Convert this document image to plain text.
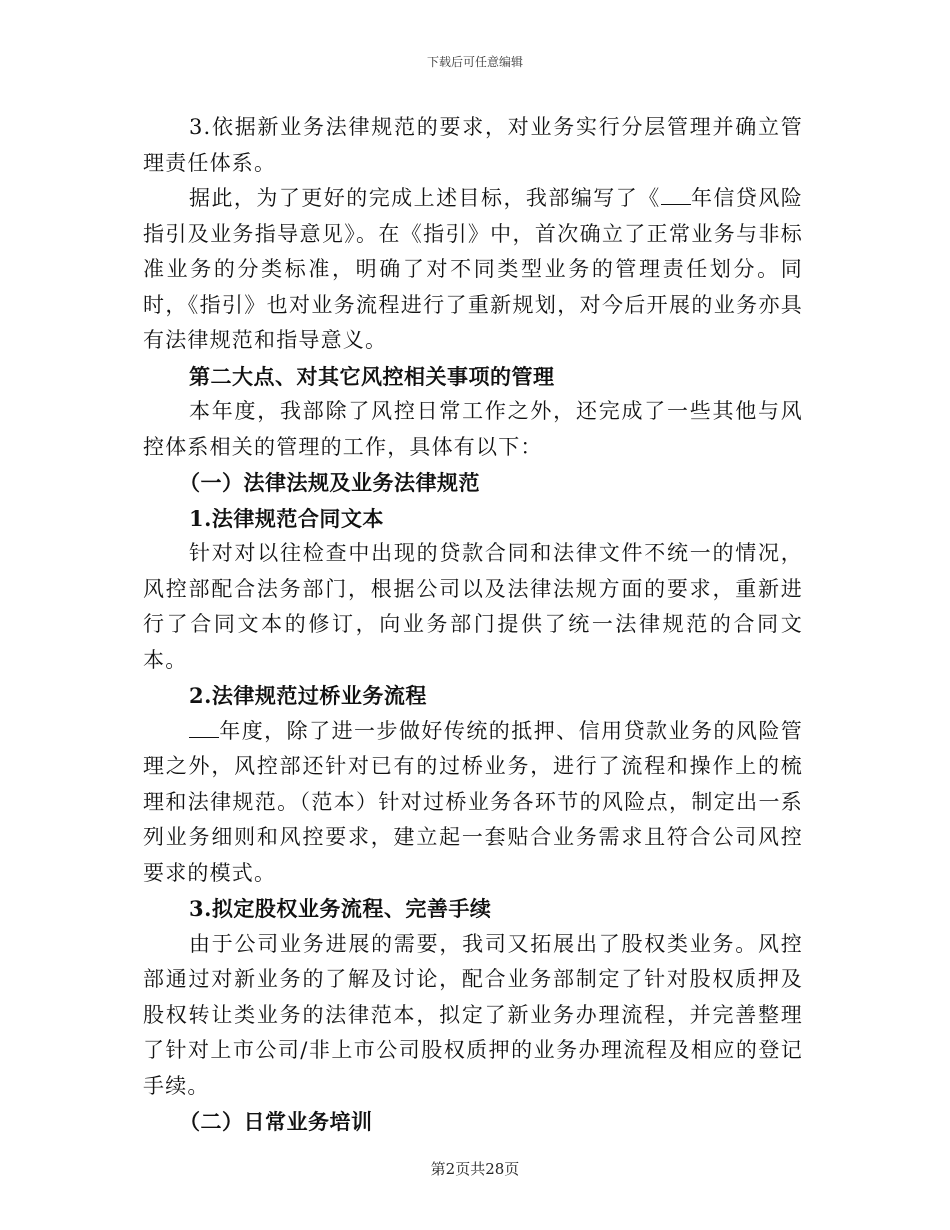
下载后可任意编辑

3.依据新业务法律规范的要求，对业务实行分层管理并确立管理责任体系。

据此，为了更好的完成上述目标，我部编写了《 年信贷风险指引及业务指导意见》。在《指引》中，首次确立了正常业务与非标准业务的分类标准，明确了对不同类型业务的管理责任划分。同时，《指引》也对业务流程进行了重新规划，对今后开展的业务亦具有法律规范和指导意义。

第二大点、对其它风控相关事项的管理

本年度，我部除了风控日常工作之外，还完成了一些其他与风控体系相关的管理的工作，具体有以下：

（一）法律法规及业务法律规范

1.法律规范合同文本

针对对以往检查中出现的贷款合同和法律文件不统一的情况，风控部配合法务部门，根据公司以及法律法规方面的要求，重新进行了合同文本的修订，向业务部门提供了统一法律规范的合同文本。

2.法律规范过桥业务流程

年度，除了进一步做好传统的抵押、信用贷款业务的风险管理之外，风控部还针对已有的过桥业务，进行了流程和操作上的梳理和法律规范。（范本）针对过桥业务各环节的风险点，制定出一系列业务细则和风控要求，建立起一套贴合业务需求且符合公司风控要求的模式。

3.拟定股权业务流程、完善手续

由于公司业务进展的需要，我司又拓展出了股权类业务。风控部通过对新业务的了解及讨论，配合业务部制定了针对股权质押及股权转让类业务的法律范本，拟定了新业务办理流程，并完善整理了针对上市公司/非上市公司股权质押的业务办理流程及相应的登记手续。

（二）日常业务培训

第2页共28页
